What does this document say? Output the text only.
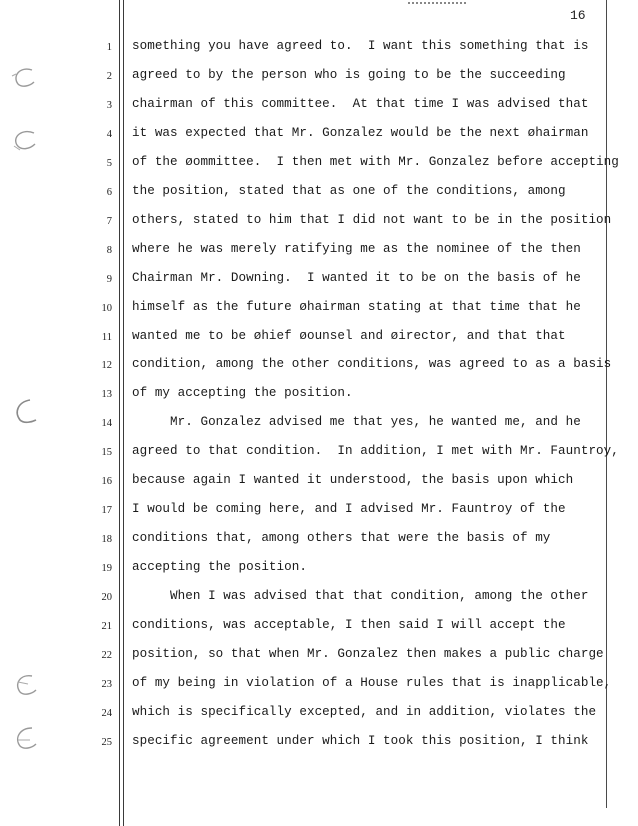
16
1
2
3
4
5
6
7
8
9
10
11
12
13
14
15
16
17
18
19
20
21
22
23
24
25
something you have agreed to.  I want this something that is
agreed to by the person who is going to be the succeeding
chairman of this committee.  At that time I was advised that
it was expected that Mr. Gonzalez would be the next øhairman
of the øommittee.  I then met with Mr. Gonzalez before accepting
the position, stated that as one of the conditions, among
others, stated to him that I did not want to be in the position
where he was merely ratifying me as the nominee of the then
Chairman Mr. Downing.  I wanted it to be on the basis of he
himself as the future øhairman stating at that time that he
wanted me to be øhief øounsel and øirector, and that that
condition, among the other conditions, was agreed to as a basis
of my accepting the position.
Mr. Gonzalez advised me that yes, he wanted me, and he
agreed to that condition.  In addition, I met with Mr. Fauntroy,
because again I wanted it understood, the basis upon which
I would be coming here, and I advised Mr. Fauntroy of the
conditions that, among others that were the basis of my
accepting the position.
When I was advised that that condition, among the other
conditions, was acceptable, I then said I will accept the
position, so that when Mr. Gonzalez then makes a public charge
of my being in violation of a House rules that is inapplicable,
which is specifically excepted, and in addition, violates the
specific agreement under which I took this position, I think
